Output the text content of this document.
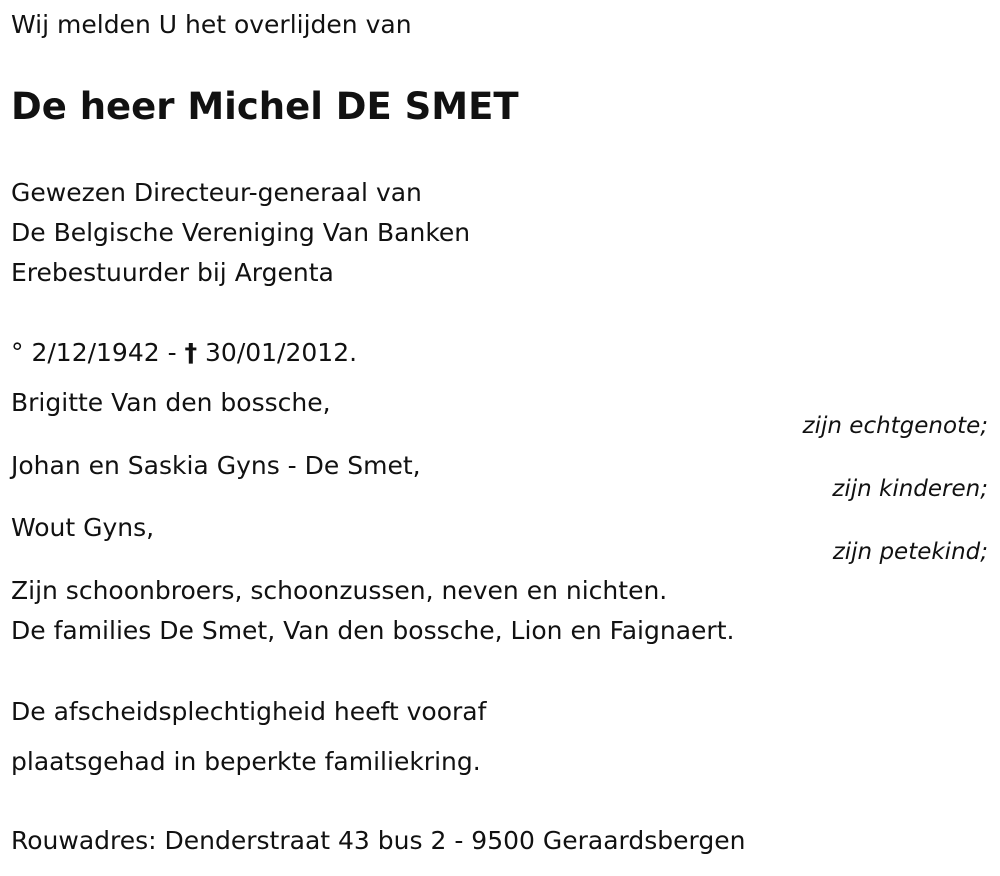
Wij melden U het overlijden van

De heer Michel DE SMET

Gewezen Directeur-generaal van

De Belgische Vereniging Van Banken

Erebestuurder bij Argenta

° 2/12/1942 - † 30/01/2012.

Brigitte Van den bossche,

zijn echtgenote;

Johan en Saskia Gyns - De Smet,

zijn kinderen;

Wout Gyns,

zijn petekind;

Zijn schoonbroers, schoonzussen, neven en nichten.

De families De Smet, Van den bossche, Lion en Faignaert.

De afscheidsplechtigheid heeft vooraf

plaatsgehad in beperkte familiekring.

Rouwadres: Denderstraat 43 bus 2 - 9500 Geraardsbergen
